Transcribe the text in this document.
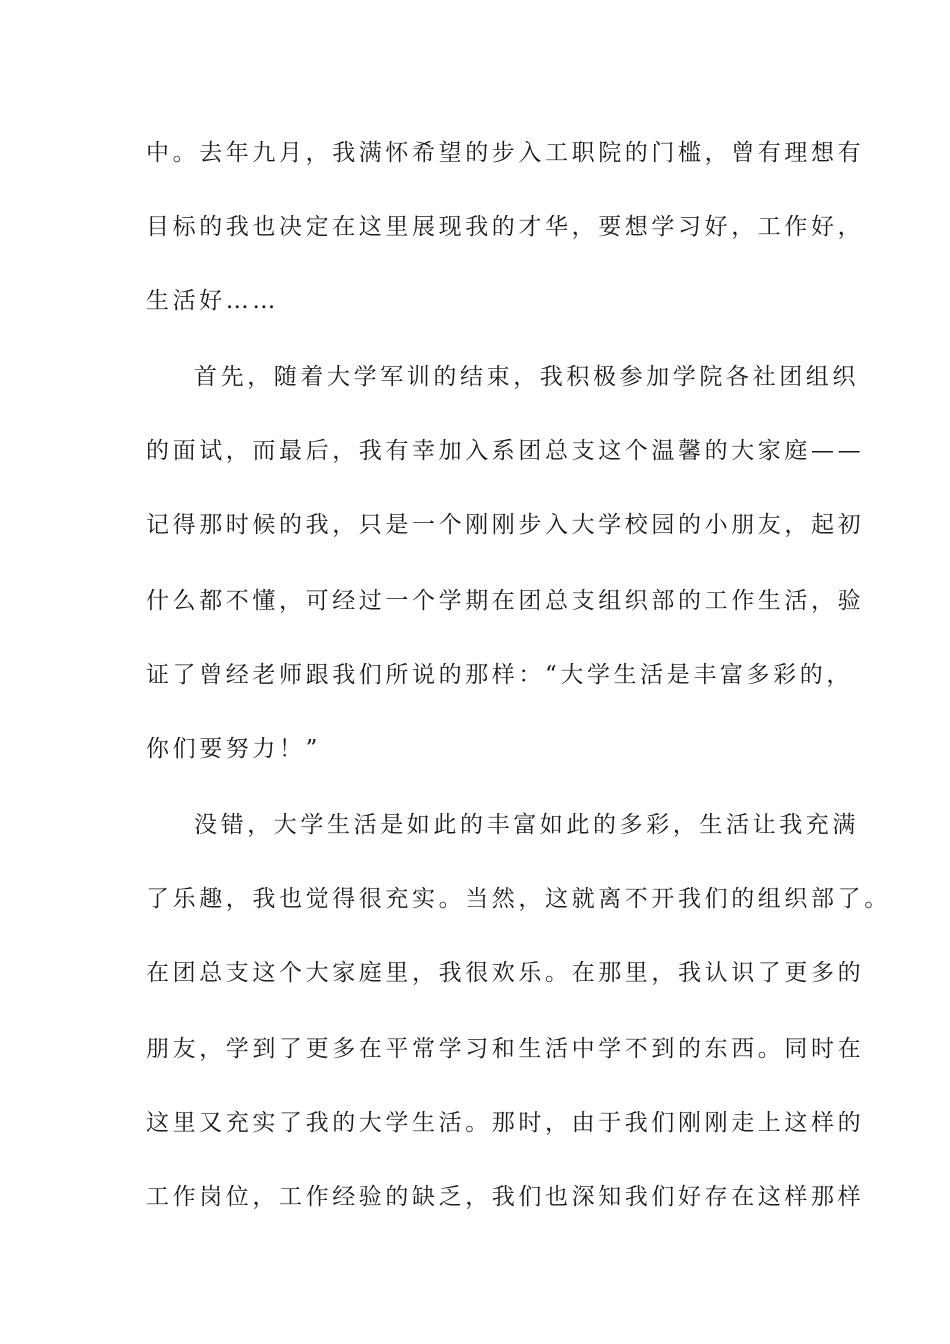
中。去年九月，我满怀希望的步入工职院的门槛，曾有理想有
目标的我也决定在这里展现我的才华，要想学习好，工作好，
生活好……
首先，随着大学军训的结束，我积极参加学院各社团组织
的面试，而最后，我有幸加入系团总支这个温馨的大家庭——
记得那时候的我，只是一个刚刚步入大学校园的小朋友，起初
什么都不懂，可经过一个学期在团总支组织部的工作生活，验
证了曾经老师跟我们所说的那样：“大学生活是丰富多彩的，
你们要努力！”
没错，大学生活是如此的丰富如此的多彩，生活让我充满
了乐趣，我也觉得很充实。当然，这就离不开我们的组织部了。
在团总支这个大家庭里，我很欢乐。在那里，我认识了更多的
朋友，学到了更多在平常学习和生活中学不到的东西。同时在
这里又充实了我的大学生活。那时，由于我们刚刚走上这样的
工作岗位，工作经验的缺乏，我们也深知我们好存在这样那样
